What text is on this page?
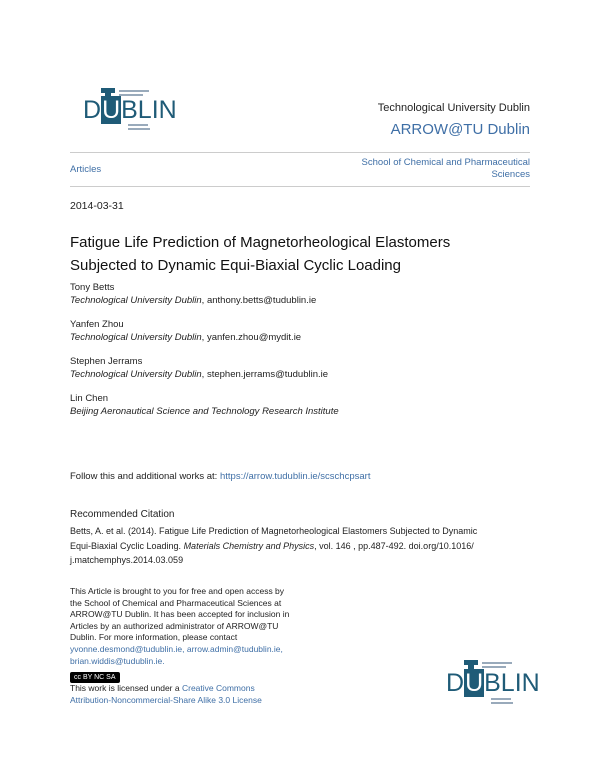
DUBLIN	Technological University Dublin
ARROW@TU Dublin
Articles
School of Chemical and Pharmaceutical
Sciences
2014-03-31
Fatigue Life Prediction of Magnetorheological Elastomers
Subjected to Dynamic Equi-Biaxial Cyclic Loading
Tony Betts
Technological University Dublin, anthony.betts@tudublin.ie
Yanfen Zhou
Technological University Dublin, yanfen.zhou@mydit.ie
Stephen Jerrams
Technological University Dublin, stephen.jerrams@tudublin.ie
Lin Chen
Beijing Aeronautical Science and Technology Research Institute
Follow this and additional works at: https://arrow.tudublin.ie/scschcpsart
Recommended Citation
Betts, A. et al. (2014). Fatigue Life Prediction of Magnetorheological Elastomers Subjected to Dynamic
Equi-Biaxial Cyclic Loading. Materials Chemistry and Physics, vol. 146 , pp.487-492. doi.org/10.1016/
j.matchemphys.2014.03.059
This Article is brought to you for free and open access by
the School of Chemical and Pharmaceutical Sciences at
ARROW@TU Dublin. It has been accepted for inclusion in
Articles by an authorized administrator of ARROW@TU
Dublin. For more information, please contact
yvonne.desmond@tudublin.ie, arrow.admin@tudublin.ie,
brian.widdis@tudublin.ie.
cc BY NC SA
This work is licensed under a Creative Commons
Attribution-Noncommercial-Share Alike 3.0 License
DUBLIN
